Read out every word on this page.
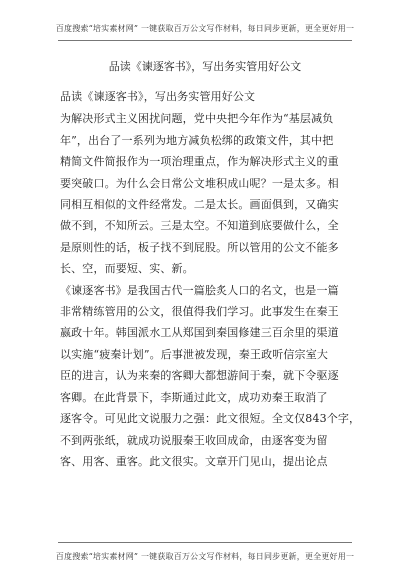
百度搜索“培实素材网” 一键获取百万公文写作材料，每日同步更新，更全更好用一
品读《谏逐客书》，写出务实管用好公文

品读《谏逐客书》，写出务实管用好公文

为解决形式主义困扰问题，党中央把今年作为“基层减负

年”，出台了一系列为地方减负松绑的政策文件，其中把

精简文件简报作为一项治理重点，作为解决形式主义的重

要突破口。为什么会日常公文堆积成山呢？一是太多。相

同相互相似的文件经常发。二是太长。画面俱到，又确实

做不到，不知所云。三是太空。不知道到底要做什么，全

是原则性的话，板子找不到屁股。所以管用的公文不能多

长、空，而要短、实、新。

《谏逐客书》是我国古代一篇脍炙人口的名文，也是一篇

非常精练管用的公文，很值得我们学习。此事发生在秦王

嬴政十年。韩国派水工从郑国到秦国修建三百余里的渠道

以实施“疲秦计划”。后事泄被发现，秦王政听信宗室大

臣的进言，认为来秦的客卿大都想游间于秦，就下令驱逐

客卿。在此背景下，李斯通过此文，成功劝秦王取消了

逐客令。可见此文说服力之强：此文很短。全文仅843个字，

不到两张纸，就成功说服秦王收回成命，由逐客变为留

客、用客、重客。此文很实。文章开门见山，提出论点

百度搜索“培实素材网” 一键获取百万公文写作材料，每日同步更新，更全更好用一
